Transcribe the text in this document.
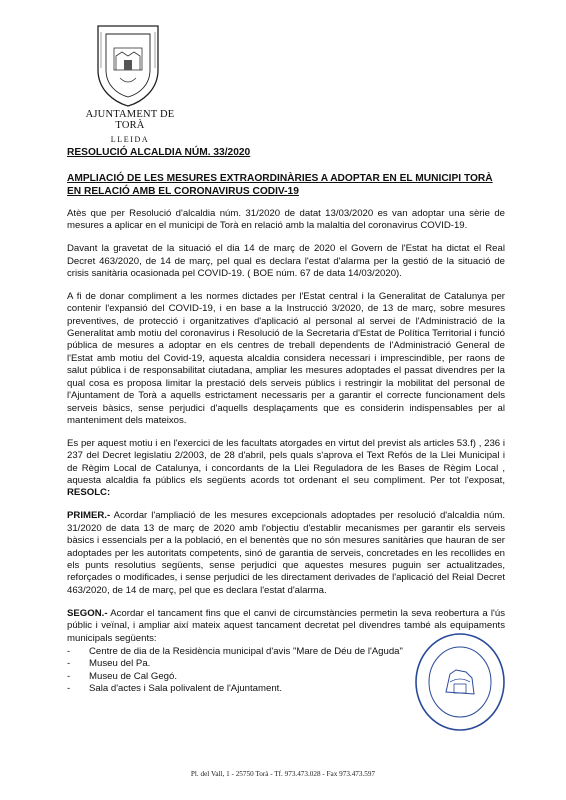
AJUNTAMENT DE TORÀ
LLEIDA
RESOLUCIÓ ALCALDIA NÚM. 33/2020
AMPLIACIÓ DE LES MESURES EXTRAORDINÀRIES A ADOPTAR EN EL MUNICIPI TORÀ EN RELACIÓ AMB EL CORONAVIRUS CODIV-19

Atès que per Resolució d'alcaldia núm. 31/2020 de datat 13/03/2020 es van adoptar una sèrie de mesures a aplicar en el municipi de Torà en relació amb la malaltia del coronavirus COVID-19.

Davant la gravetat de la situació el dia 14 de març de 2020 el Govern de l'Estat ha dictat el Real Decret 463/2020, de 14 de març, pel qual es declara l'estat d'alarma per la gestió de la situació de crisis sanitària ocasionada pel COVID-19. ( BOE núm. 67 de data 14/03/2020).

A fi de donar compliment a les normes dictades per l'Estat central i la Generalitat de Catalunya per contenir l'expansió del COVID-19, i en base a la Instrucció 3/2020, de 13 de març, sobre mesures preventives, de protecció i organitzatives d'aplicació al personal al servei de l'Administració de la Generalitat amb motiu del coronavirus i Resolució de la Secretaria d'Estat de Política Territorial i funció pública de mesures a adoptar en els centres de treball dependents de l'Administració General de l'Estat amb motiu del Covid-19, aquesta alcaldia considera necessari i imprescindible, per raons de salut pública i de responsabilitat ciutadana, ampliar les mesures adoptades el passat divendres per la qual cosa es proposa limitar la prestació dels serveis públics i restringir la mobilitat del personal de l'Ajuntament de Torà a aquells estrictament necessaris per a garantir el correcte funcionament dels serveis bàsics, sense perjudici d'aquells desplaçaments que es considerin indispensables per al manteniment dels mateixos.

Es per aquest motiu i en l'exercici de les facultats atorgades en virtut del previst als articles 53.f) , 236 i 237 del Decret legislatiu 2/2003, de 28 d'abril, pels quals s'aprova el Text Refós de la Llei Municipal i de Règim Local de Catalunya, i concordants de la Llei Reguladora de les Bases de Règim Local , aquesta alcaldia fa públics els següents acords tot ordenant el seu compliment. Per tot l'exposat, RESOLC:

PRIMER.- Acordar l'ampliació de les mesures excepcionals adoptades per resolució d'alcaldia núm. 31/2020 de data 13 de març de 2020 amb l'objectiu d'establir mecanismes per garantir els serveis bàsics i essencials per a la població, en el benentès que no són mesures sanitàries que hauran de ser adoptades per les autoritats competents, sinó de garantia de serveis, concretades en les recollides en els punts resolutius següents, sense perjudici que aquestes mesures puguin ser actualitzades, reforçades o modificades, i sense perjudici de les directament derivades de l'aplicació del Reial Decret 463/2020, de 14 de març, pel que es declara l'estat d'alarma.

SEGON.- Acordar el tancament fins que el canvi de circumstàncies permetin la seva reobertura a l'ús públic i veïnal, i ampliar així mateix aquest tancament decretat pel divendres també als equipaments municipals següents:

- Centre de dia de la Residència municipal d'avis "Mare de Déu de l'Aguda"
- Museu del Pa.
- Museu de Cal Gegó.
- Sala d'actes i Sala polivalent de l'Ajuntament.
Pl. del Vall, 1 - 25750 Torà - Tf. 973.473.028 - Fax 973.473.597
